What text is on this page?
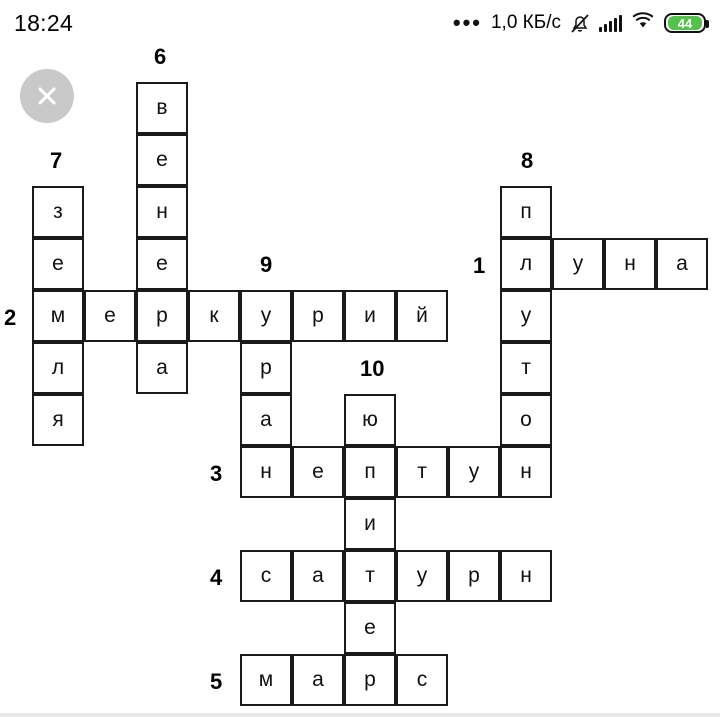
18:24	••• 1,0 КБ/с	44
в
е
н
е
а
з
е
л
я
п
л	у	н	а
у
т
о
м	е	р	к	у	р	и	й
р
а	ю
н	е	п	т	у	н
и
с	а	т	у	р	н
е
м	а	р	с
6
7	8
9	1
2
10
3
4
5
